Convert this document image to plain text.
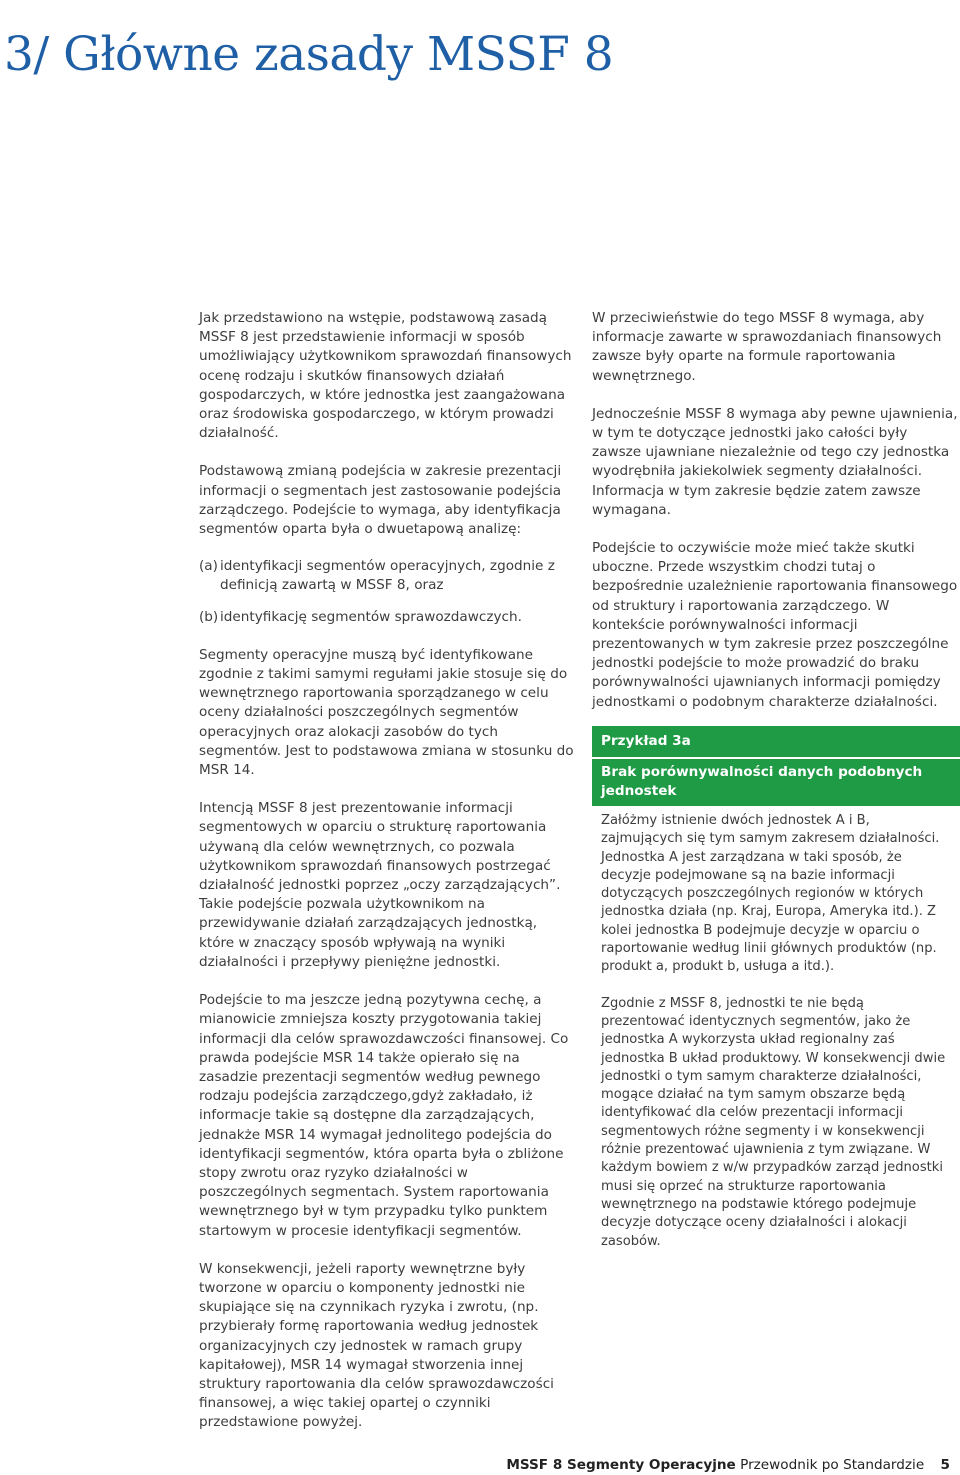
3/ Główne zasady MSSF 8

Jak przedstawiono na wstępie, podstawową zasadą MSSF 8 jest przedstawienie informacji w sposób umożliwiający użytkownikom sprawozdań finansowych ocenę rodzaju i skutków finansowych działań gospodarczych, w które jednostka jest zaangażowana oraz środowiska gospodarczego, w którym prowadzi działalność.

Podstawową zmianą podejścia w zakresie prezentacji informacji o segmentach jest zastosowanie podejścia zarządczego. Podejście to wymaga, aby identyfikacja segmentów oparta była o dwuetapową analizę:

(a) identyfikacji segmentów operacyjnych, zgodnie z definicją zawartą w MSSF 8, oraz
(b) identyfikację segmentów sprawozdawczych.

Segmenty operacyjne muszą być identyfikowane zgodnie z takimi samymi regułami jakie stosuje się do wewnętrznego raportowania sporządzanego w celu oceny działalności poszczególnych segmentów operacyjnych oraz alokacji zasobów do tych segmentów. Jest to podstawowa zmiana w stosunku do MSR 14.

Intencją MSSF 8 jest prezentowanie informacji segmentowych w oparciu o strukturę raportowania używaną dla celów wewnętrznych, co pozwala użytkownikom sprawozdań finansowych postrzegać działalność jednostki poprzez „oczy zarządzających”. Takie podejście pozwala użytkownikom na przewidywanie działań zarządzających jednostką, które w znaczący sposób wpływają na wyniki działalności i przepływy pieniężne jednostki.

Podejście to ma jeszcze jedną pozytywna cechę, a mianowicie zmniejsza koszty przygotowania takiej informacji dla celów sprawozdawczości finansowej. Co prawda podejście MSR 14 także opierało się na zasadzie prezentacji segmentów według pewnego rodzaju podejścia zarządczego,gdyż zakładało, iż informacje takie są dostępne dla zarządzających, jednakże MSR 14 wymagał jednolitego podejścia do identyfikacji segmentów, która oparta była o zbliżone stopy zwrotu oraz ryzyko działalności w poszczególnych segmentach. System raportowania wewnętrznego był w tym przypadku tylko punktem startowym w procesie identyfikacji segmentów.

W konsekwencji, jeżeli raporty wewnętrzne były tworzone w oparciu o komponenty jednostki nie skupiające się na czynnikach ryzyka i zwrotu, (np. przybierały formę raportowania według jednostek organizacyjnych czy jednostek w ramach grupy kapitałowej), MSR 14 wymagał stworzenia innej struktury raportowania dla celów sprawozdawczości finansowej, a więc takiej opartej o czynniki przedstawione powyżej.

W przeciwieństwie do tego MSSF 8 wymaga, aby informacje zawarte w sprawozdaniach finansowych zawsze były oparte na formule raportowania wewnętrznego.

Jednocześnie MSSF 8 wymaga aby pewne ujawnienia, w tym te dotyczące jednostki jako całości były zawsze ujawniane niezależnie od tego czy jednostka wyodrębniła jakiekolwiek segmenty działalności. Informacja w tym zakresie będzie zatem zawsze wymagana.

Podejście to oczywiście może mieć także skutki uboczne. Przede wszystkim chodzi tutaj o bezpośrednie uzależnienie raportowania finansowego od struktury i raportowania zarządczego. W kontekście porównywalności informacji prezentowanych w tym zakresie przez poszczególne jednostki podejście to może prowadzić do braku porównywalności ujawnianych informacji pomiędzy jednostkami o podobnym charakterze działalności.

Przykład 3a
Brak porównywalności danych podobnych jednostek

Załóżmy istnienie dwóch jednostek A i B, zajmujących się tym samym zakresem działalności. Jednostka A jest zarządzana w taki sposób, że decyzje podejmowane są na bazie informacji dotyczących poszczególnych regionów w których jednostka działa (np. Kraj, Europa, Ameryka itd.). Z kolei jednostka B podejmuje decyzje w oparciu o raportowanie według linii głównych produktów (np. produkt a, produkt b, usługa a itd.).

Zgodnie z MSSF 8, jednostki te nie będą prezentować identycznych segmentów, jako że jednostka A wykorzysta układ regionalny zaś jednostka B układ produktowy. W konsekwencji dwie jednostki o tym samym charakterze działalności, mogące działać na tym samym obszarze będą identyfikować dla celów prezentacji informacji segmentowych różne segmenty i w konsekwencji różnie prezentować ujawnienia z tym związane. W każdym bowiem z w/w przypadków zarząd jednostki musi się oprzeć na strukturze raportowania wewnętrznego na podstawie którego podejmuje decyzje dotyczące oceny działalności i alokacji zasobów.

MSSF 8 Segmenty Operacyjne Przewodnik po Standardzie 5
